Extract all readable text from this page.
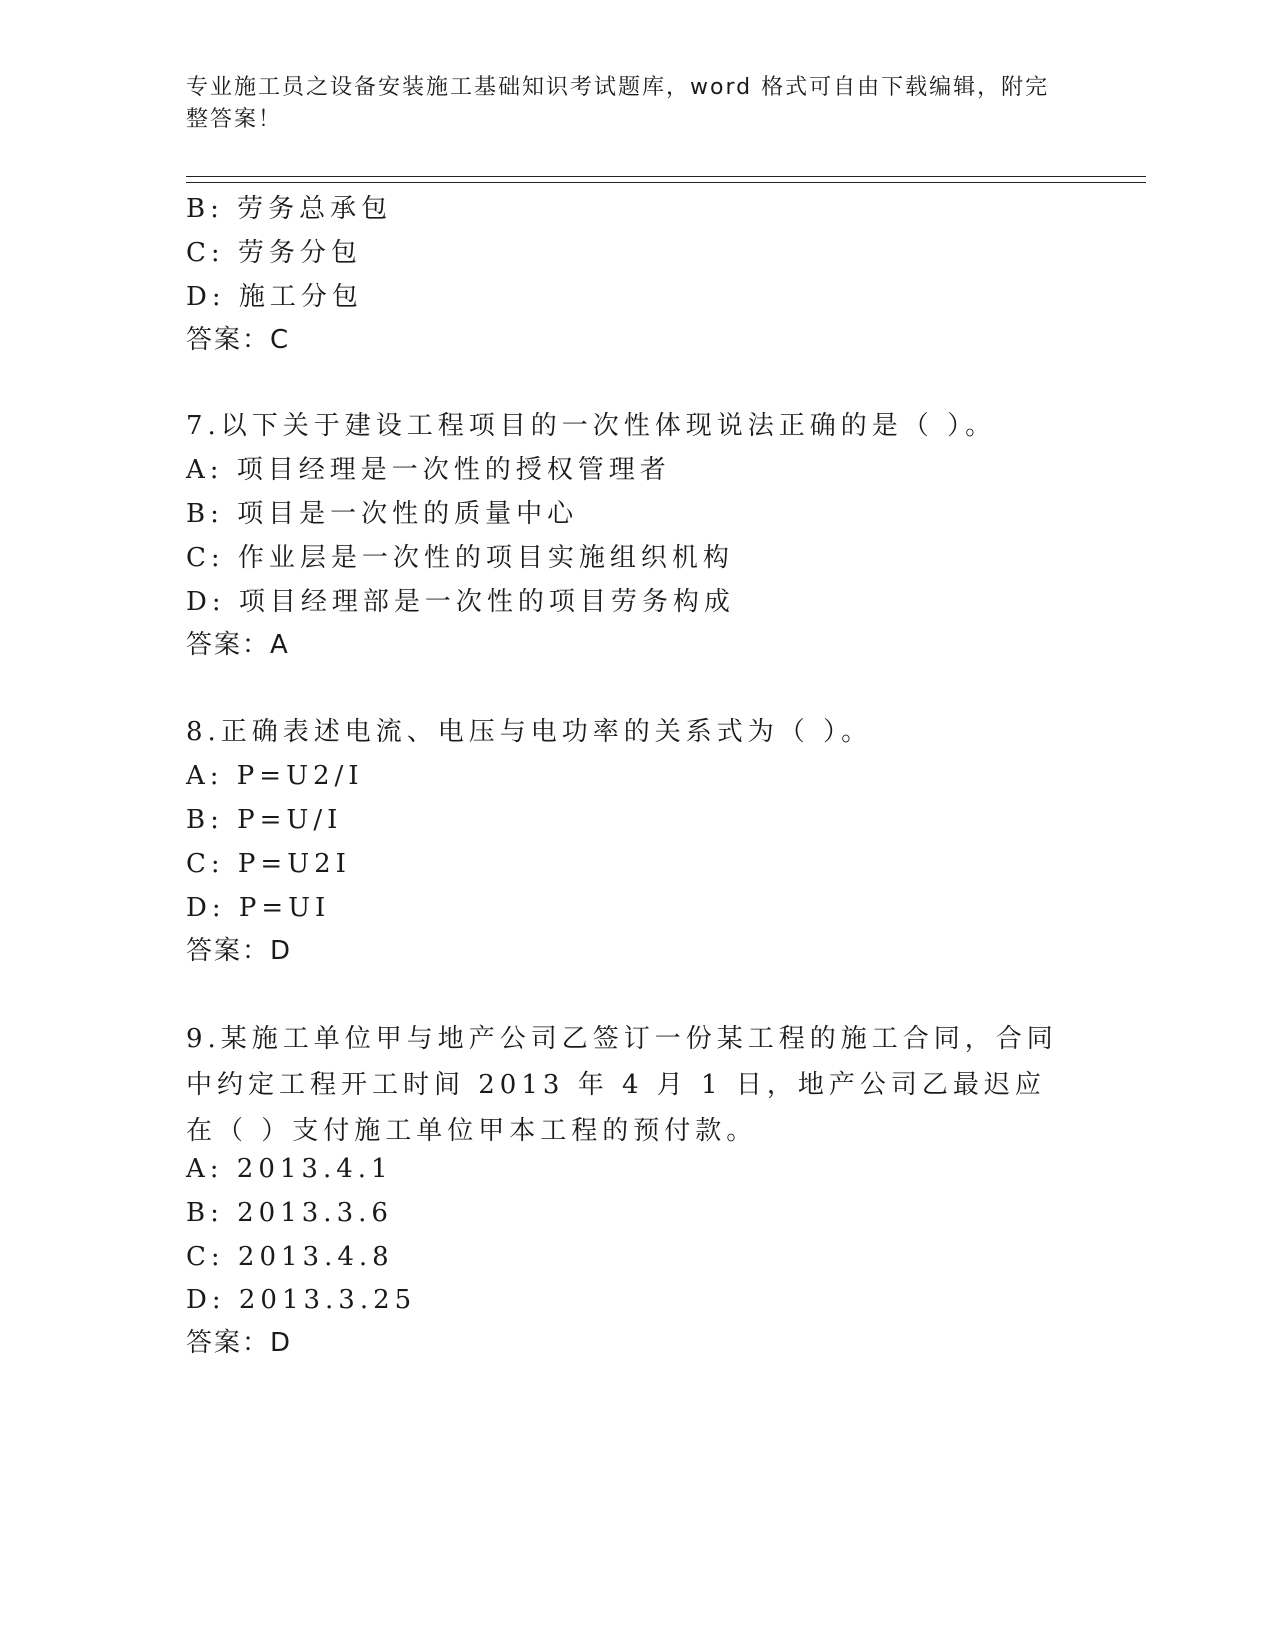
专业施工员之设备安装施工基础知识考试题库，word 格式可自由下载编辑，附完整答案！
B: 劳务总承包
C: 劳务分包
D: 施工分包
答案：C
7.以下关于建设工程项目的一次性体现说法正确的是（ ）。
A: 项目经理是一次性的授权管理者
B: 项目是一次性的质量中心
C: 作业层是一次性的项目实施组织机构
D: 项目经理部是一次性的项目劳务构成
答案：A
8.正确表述电流、电压与电功率的关系式为（ ）。
A: P=U2/I
B: P=U/I
C: P=U2I
D: P=UI
答案：D
9.某施工单位甲与地产公司乙签订一份某工程的施工合同，合同中约定工程开工时间 2013 年 4 月 1 日，地产公司乙最迟应在（ ）支付施工单位甲本工程的预付款。
A: 2013.4.1
B: 2013.3.6
C: 2013.4.8
D: 2013.3.25
答案：D
